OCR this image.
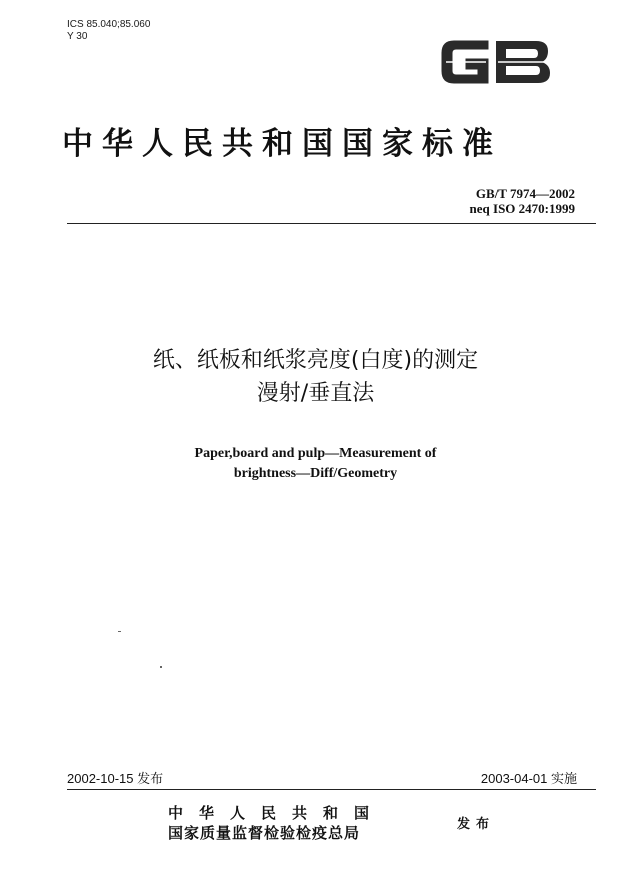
ICS 85.040;85.060
Y 30
中华人民共和国国家标准
GB/T 7974—2002
neq ISO 2470:1999
纸、纸板和纸浆亮度(白度)的测定
漫射/垂直法
Paper,board and pulp—Measurement of
brightness—Diff/Geometry
2002-10-15 发布	2003-04-01 实施
中华人民共和国
国家质量监督检验检疫总局	发布
